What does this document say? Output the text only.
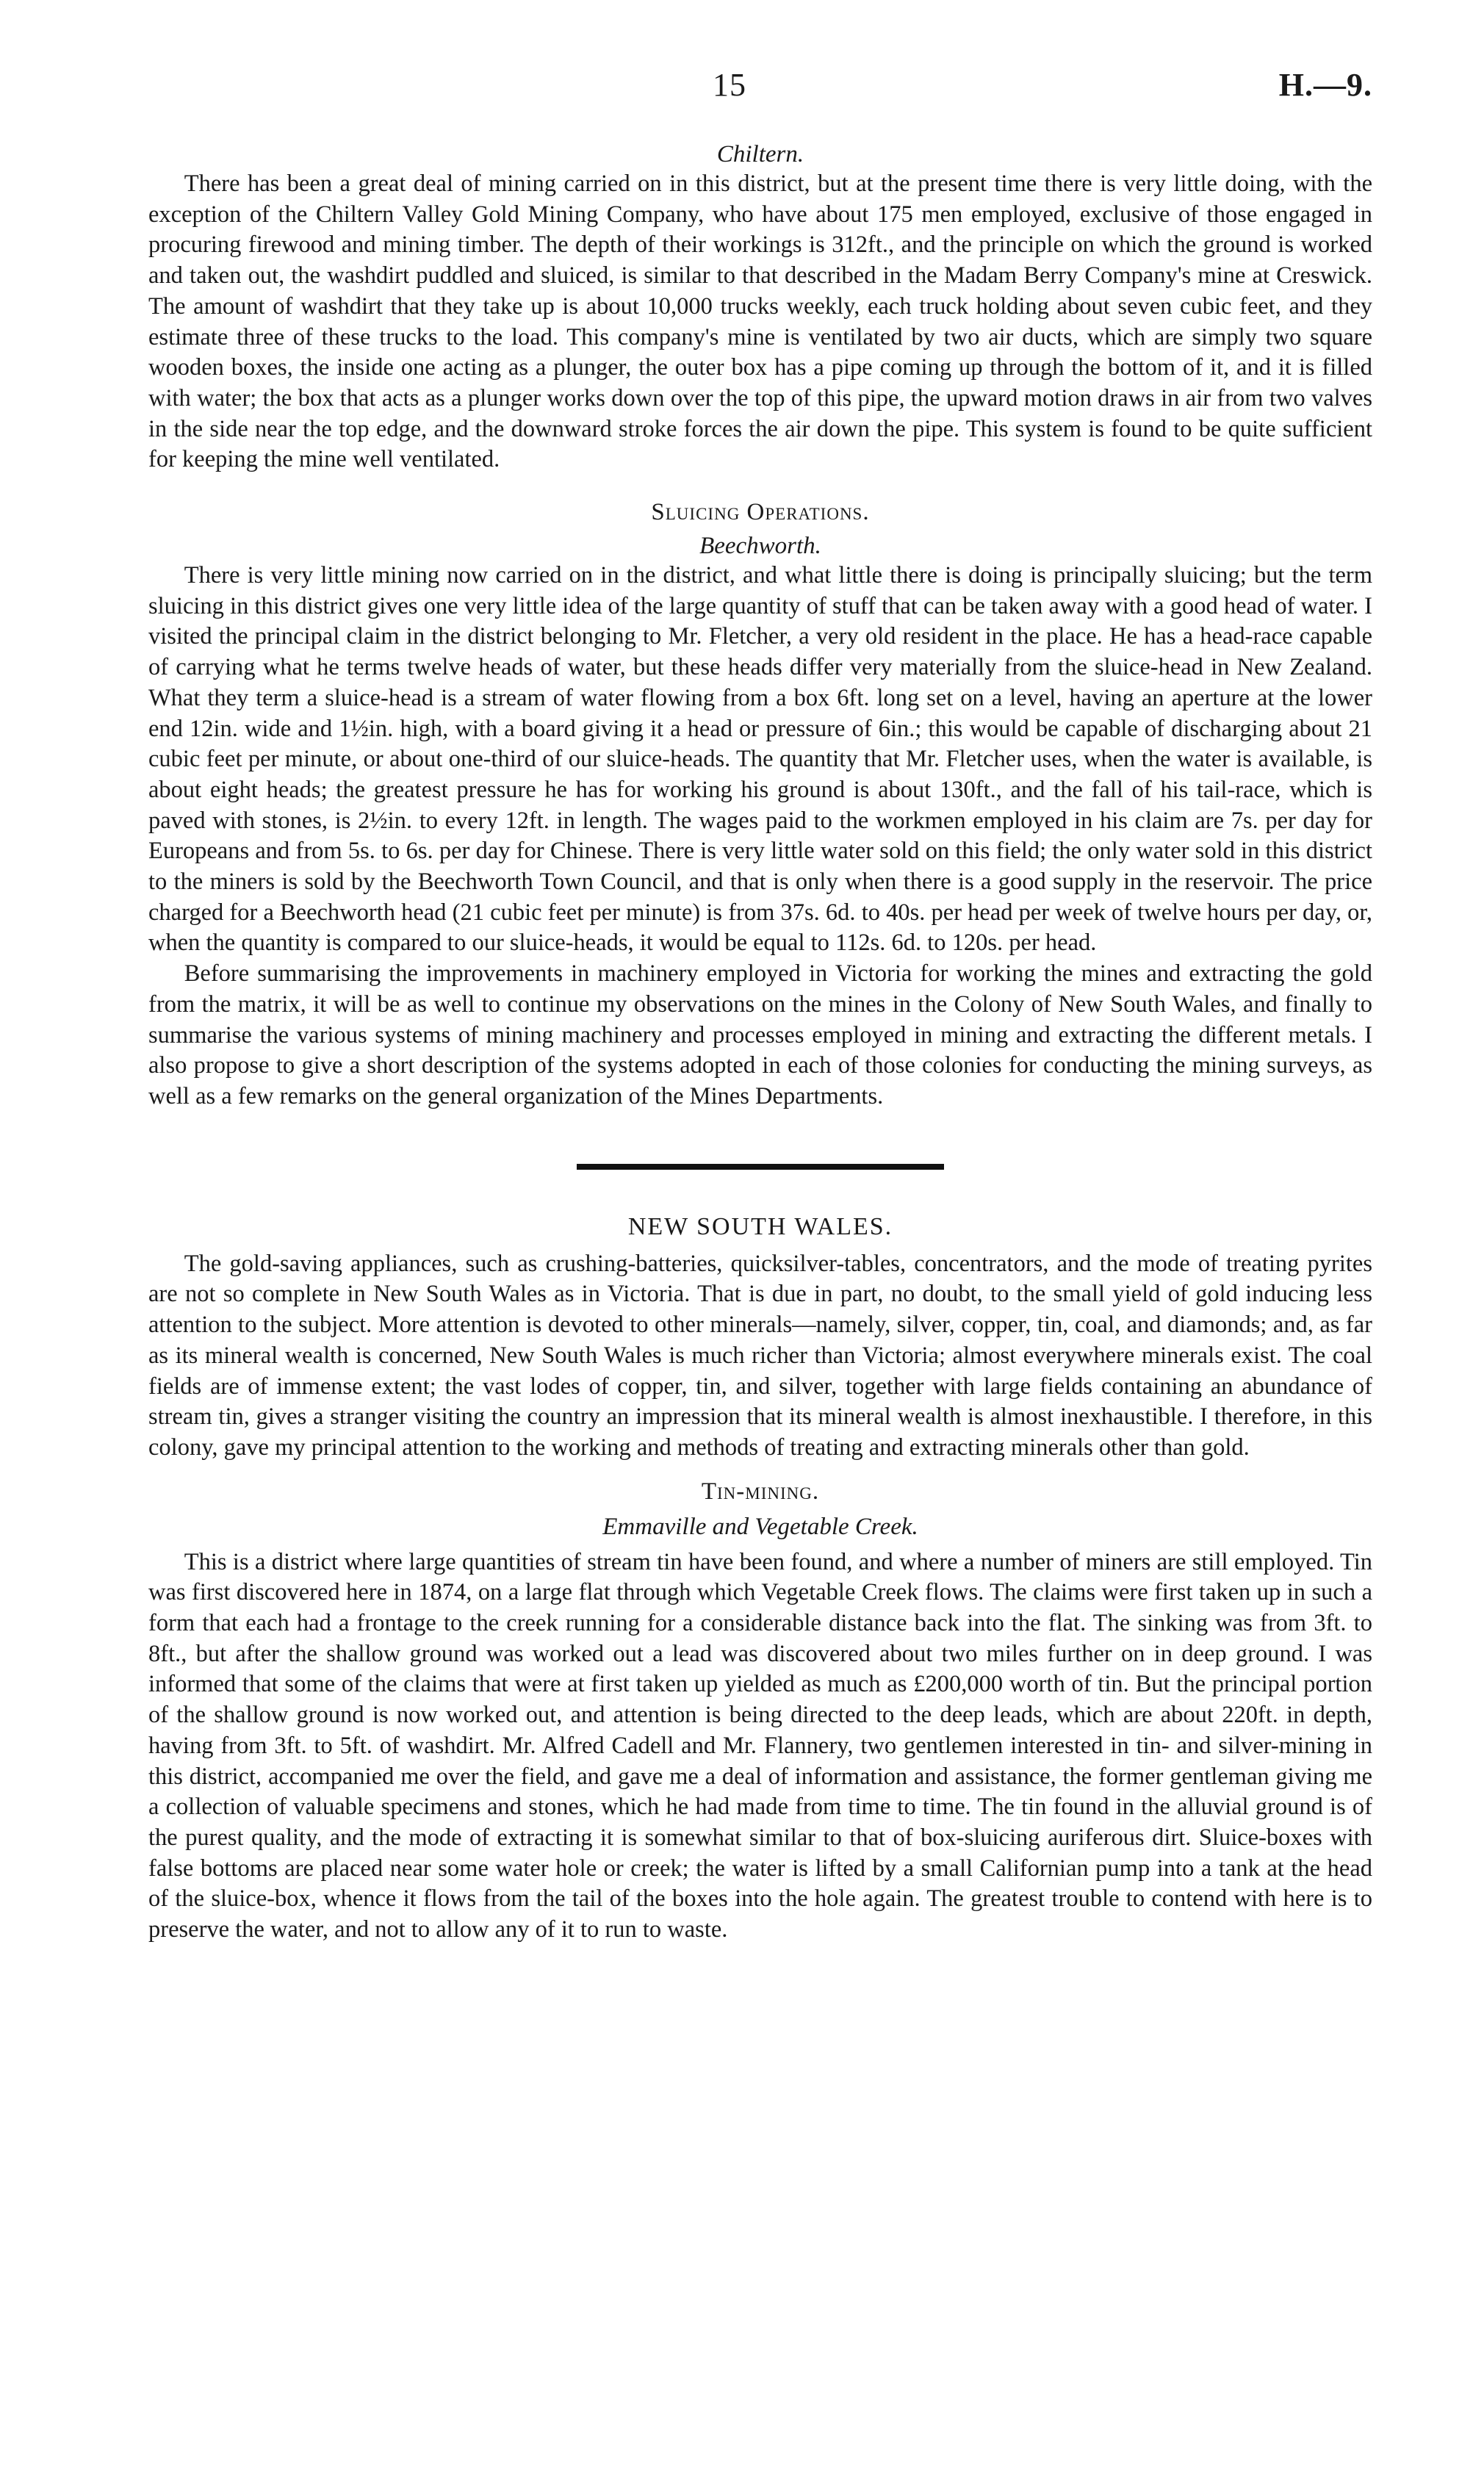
15	H.—9.

Chiltern.

There has been a great deal of mining carried on in this district, but at the present time there is very little doing, with the exception of the Chiltern Valley Gold Mining Company, who have about 175 men employed, exclusive of those engaged in procuring firewood and mining timber. The depth of their workings is 312ft., and the principle on which the ground is worked and taken out, the washdirt puddled and sluiced, is similar to that described in the Madam Berry Company's mine at Creswick. The amount of washdirt that they take up is about 10,000 trucks weekly, each truck holding about seven cubic feet, and they estimate three of these trucks to the load. This company's mine is ventilated by two air ducts, which are simply two square wooden boxes, the inside one acting as a plunger, the outer box has a pipe coming up through the bottom of it, and it is filled with water; the box that acts as a plunger works down over the top of this pipe, the upward motion draws in air from two valves in the side near the top edge, and the downward stroke forces the air down the pipe. This system is found to be quite sufficient for keeping the mine well ventilated.

Sluicing Operations.

Beechworth.

There is very little mining now carried on in the district, and what little there is doing is principally sluicing; but the term sluicing in this district gives one very little idea of the large quantity of stuff that can be taken away with a good head of water. I visited the principal claim in the district belonging to Mr. Fletcher, a very old resident in the place. He has a head-race capable of carrying what he terms twelve heads of water, but these heads differ very materially from the sluice-head in New Zealand. What they term a sluice-head is a stream of water flowing from a box 6ft. long set on a level, having an aperture at the lower end 12in. wide and 1½in. high, with a board giving it a head or pressure of 6in.; this would be capable of discharging about 21 cubic feet per minute, or about one-third of our sluice-heads. The quantity that Mr. Fletcher uses, when the water is available, is about eight heads; the greatest pressure he has for working his ground is about 130ft., and the fall of his tail-race, which is paved with stones, is 2½in. to every 12ft. in length. The wages paid to the workmen employed in his claim are 7s. per day for Europeans and from 5s. to 6s. per day for Chinese. There is very little water sold on this field; the only water sold in this district to the miners is sold by the Beechworth Town Council, and that is only when there is a good supply in the reservoir. The price charged for a Beechworth head (21 cubic feet per minute) is from 37s. 6d. to 40s. per head per week of twelve hours per day, or, when the quantity is compared to our sluice-heads, it would be equal to 112s. 6d. to 120s. per head.

Before summarising the improvements in machinery employed in Victoria for working the mines and extracting the gold from the matrix, it will be as well to continue my observations on the mines in the Colony of New South Wales, and finally to summarise the various systems of mining machinery and processes employed in mining and extracting the different metals. I also propose to give a short description of the systems adopted in each of those colonies for conducting the mining surveys, as well as a few remarks on the general organization of the Mines Departments.

NEW SOUTH WALES.

The gold-saving appliances, such as crushing-batteries, quicksilver-tables, concentrators, and the mode of treating pyrites are not so complete in New South Wales as in Victoria. That is due in part, no doubt, to the small yield of gold inducing less attention to the subject. More attention is devoted to other minerals—namely, silver, copper, tin, coal, and diamonds; and, as far as its mineral wealth is concerned, New South Wales is much richer than Victoria; almost everywhere minerals exist. The coal fields are of immense extent; the vast lodes of copper, tin, and silver, together with large fields containing an abundance of stream tin, gives a stranger visiting the country an impression that its mineral wealth is almost inexhaustible. I therefore, in this colony, gave my principal attention to the working and methods of treating and extracting minerals other than gold.

Tin-mining.

Emmaville and Vegetable Creek.

This is a district where large quantities of stream tin have been found, and where a number of miners are still employed. Tin was first discovered here in 1874, on a large flat through which Vegetable Creek flows. The claims were first taken up in such a form that each had a frontage to the creek running for a considerable distance back into the flat. The sinking was from 3ft. to 8ft., but after the shallow ground was worked out a lead was discovered about two miles further on in deep ground. I was informed that some of the claims that were at first taken up yielded as much as £200,000 worth of tin. But the principal portion of the shallow ground is now worked out, and attention is being directed to the deep leads, which are about 220ft. in depth, having from 3ft. to 5ft. of washdirt. Mr. Alfred Cadell and Mr. Flannery, two gentlemen interested in tin- and silver-mining in this district, accompanied me over the field, and gave me a deal of information and assistance, the former gentleman giving me a collection of valuable specimens and stones, which he had made from time to time. The tin found in the alluvial ground is of the purest quality, and the mode of extracting it is somewhat similar to that of box-sluicing auriferous dirt. Sluice-boxes with false bottoms are placed near some water hole or creek; the water is lifted by a small Californian pump into a tank at the head of the sluice-box, whence it flows from the tail of the boxes into the hole again. The greatest trouble to contend with here is to preserve the water, and not to allow any of it to run to waste.
